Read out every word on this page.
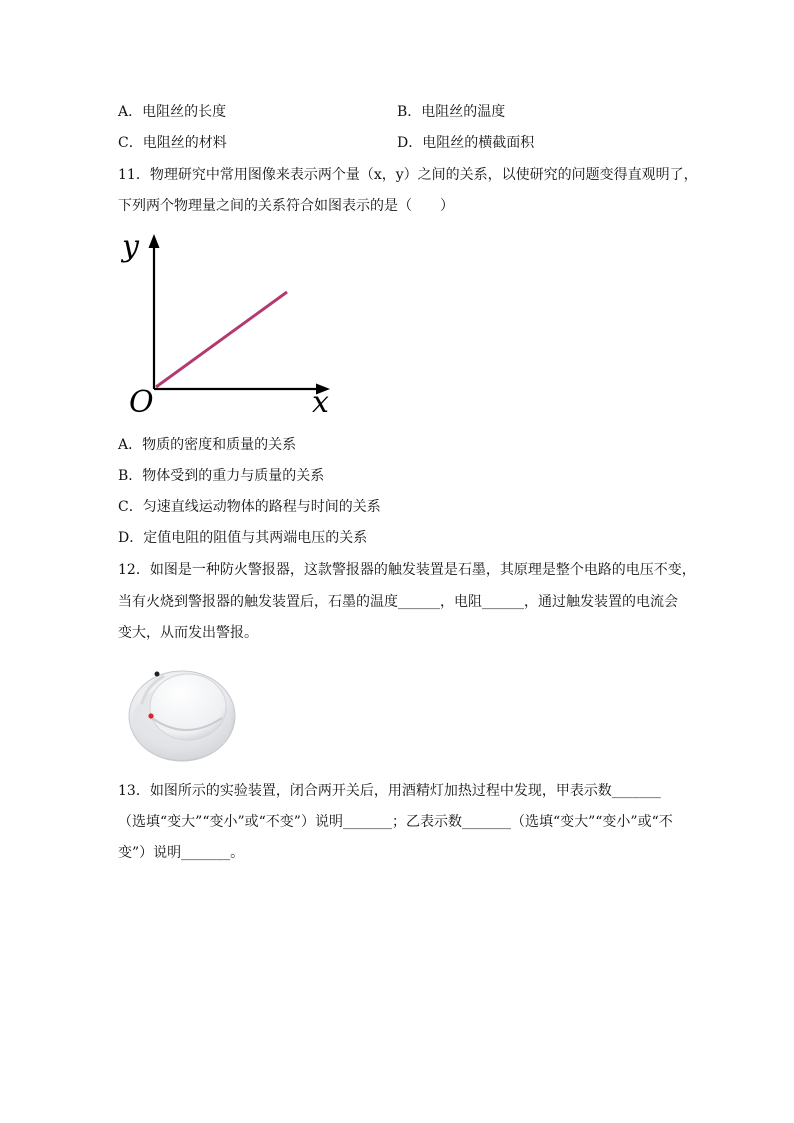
A．电阻丝的长度	B．电阻丝的温度
C．电阻丝的材料	D．电阻丝的横截面积
11．物理研究中常用图像来表示两个量（x，y）之间的关系，以使研究的问题变得直观明了，
下列两个物理量之间的关系符合如图表示的是（　　）
y
x
O
A．物质的密度和质量的关系
B．物体受到的重力与质量的关系
C．匀速直线运动物体的路程与时间的关系
D．定值电阻的阻值与其两端电压的关系
12．如图是一种防火警报器，这款警报器的触发装置是石墨，其原理是整个电路的电压不变，
当有火烧到警报器的触发装置后，石墨的温度______，电阻______，通过触发装置的电流会
变大，从而发出警报。
13．如图所示的实验装置，闭合两开关后，用酒精灯加热过程中发现，甲表示数_______
（选填“变大”“变小”或“不变”）说明_______；乙表示数_______（选填“变大”“变小”或“不
变”）说明_______。
